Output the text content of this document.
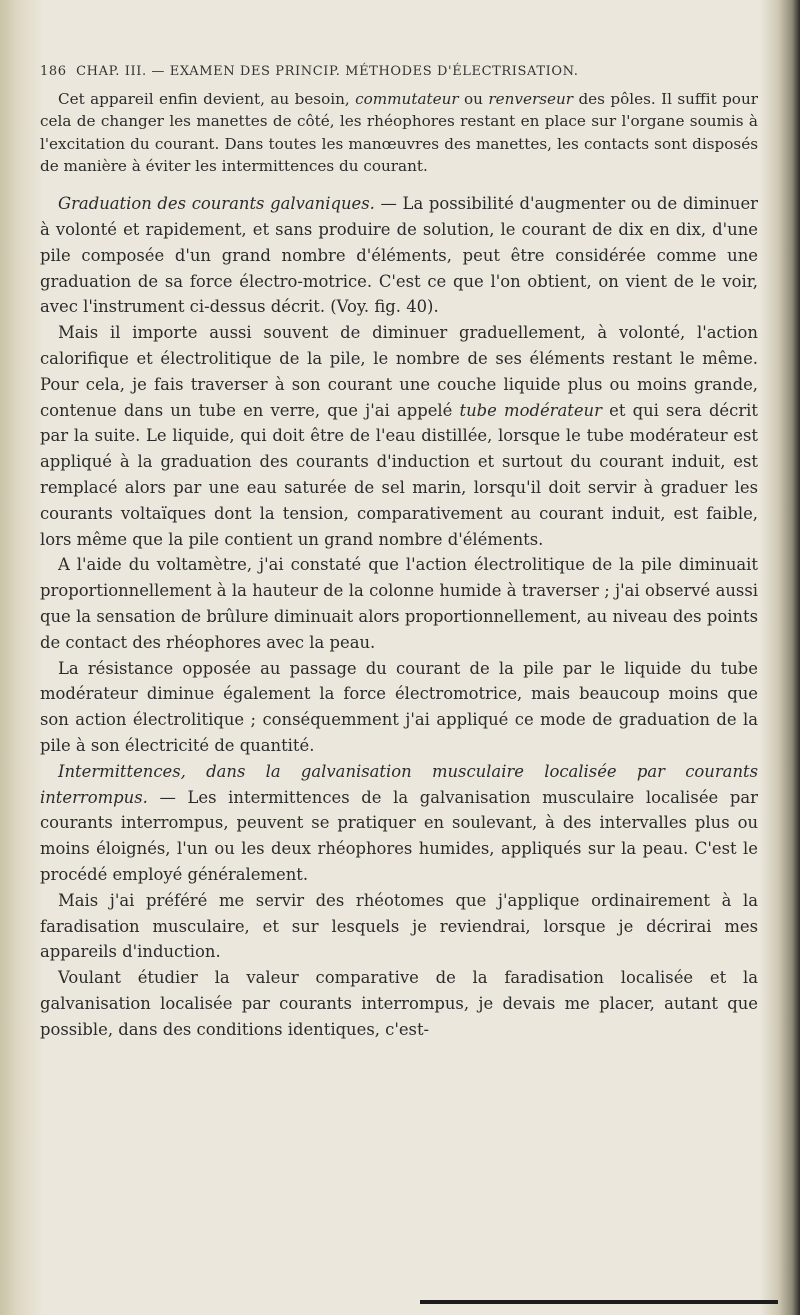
186 CHAP. III. — EXAMEN DES PRINCIP. MÉTHODES D'ÉLECTRISATION.

Cet appareil enfin devient, au besoin, commutateur ou renverseur des pôles. Il suffit pour cela de changer les manettes de côté, les rhéophores restant en place sur l'organe soumis à l'excitation du courant. Dans toutes les manœuvres des manettes, les contacts sont disposés de manière à éviter les intermittences du courant.

Graduation des courants galvaniques. — La possibilité d'augmenter ou de diminuer à volonté et rapidement, et sans produire de solution, le courant de dix en dix, d'une pile composée d'un grand nombre d'éléments, peut être considérée comme une graduation de sa force électro-motrice. C'est ce que l'on obtient, on vient de le voir, avec l'instrument ci-dessus décrit. (Voy. fig. 40).

Mais il importe aussi souvent de diminuer graduellement, à volonté, l'action calorifique et électrolitique de la pile, le nombre de ses éléments restant le même. Pour cela, je fais traverser à son courant une couche liquide plus ou moins grande, contenue dans un tube en verre, que j'ai appelé tube modérateur et qui sera décrit par la suite. Le liquide, qui doit être de l'eau distillée, lorsque le tube modérateur est appliqué à la graduation des courants d'induction et surtout du courant induit, est remplacé alors par une eau saturée de sel marin, lorsqu'il doit servir à graduer les courants voltaïques dont la tension, comparativement au courant induit, est faible, lors même que la pile contient un grand nombre d'éléments.

A l'aide du voltamètre, j'ai constaté que l'action électrolitique de la pile diminuait proportionnellement à la hauteur de la colonne humide à traverser ; j'ai observé aussi que la sensation de brûlure diminuait alors proportionnellement, au niveau des points de contact des rhéophores avec la peau.

La résistance opposée au passage du courant de la pile par le liquide du tube modérateur diminue également la force électromotrice, mais beaucoup moins que son action électrolitique ; conséquemment j'ai appliqué ce mode de graduation de la pile à son électricité de quantité.

Intermittences, dans la galvanisation musculaire localisée par courants interrompus. — Les intermittences de la galvanisation musculaire localisée par courants interrompus, peuvent se pratiquer en soulevant, à des intervalles plus ou moins éloignés, l'un ou les deux rhéophores humides, appliqués sur la peau. C'est le procédé employé généralement.

Mais j'ai préféré me servir des rhéotomes que j'applique ordinairement à la faradisation musculaire, et sur lesquels je reviendrai, lorsque je décrirai mes appareils d'induction.

Voulant étudier la valeur comparative de la faradisation localisée et la galvanisation localisée par courants interrompus, je devais me placer, autant que possible, dans des conditions identiques, c'est-
